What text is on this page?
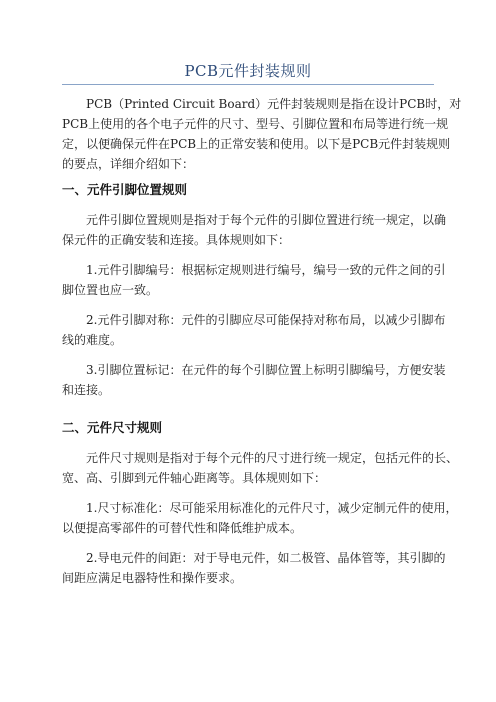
PCB元件封装规则

PCB（Printed Circuit Board）元件封装规则是指在设计PCB时，对
PCB上使用的各个电子元件的尺寸、型号、引脚位置和布局等进行统一规
定，以便确保元件在PCB上的正常安装和使用。以下是PCB元件封装规则
的要点，详细介绍如下：

一、元件引脚位置规则

元件引脚位置规则是指对于每个元件的引脚位置进行统一规定，以确
保元件的正确安装和连接。具体规则如下：

1.元件引脚编号：根据标定规则进行编号，编号一致的元件之间的引
脚位置也应一致。

2.元件引脚对称：元件的引脚应尽可能保持对称布局，以减少引脚布
线的难度。

3.引脚位置标记：在元件的每个引脚位置上标明引脚编号，方便安装
和连接。

二、元件尺寸规则

元件尺寸规则是指对于每个元件的尺寸进行统一规定，包括元件的长、
宽、高、引脚到元件轴心距离等。具体规则如下：

1.尺寸标准化：尽可能采用标准化的元件尺寸，减少定制元件的使用，
以便提高零部件的可替代性和降低维护成本。

2.导电元件的间距：对于导电元件，如二极管、晶体管等，其引脚的
间距应满足电器特性和操作要求。
